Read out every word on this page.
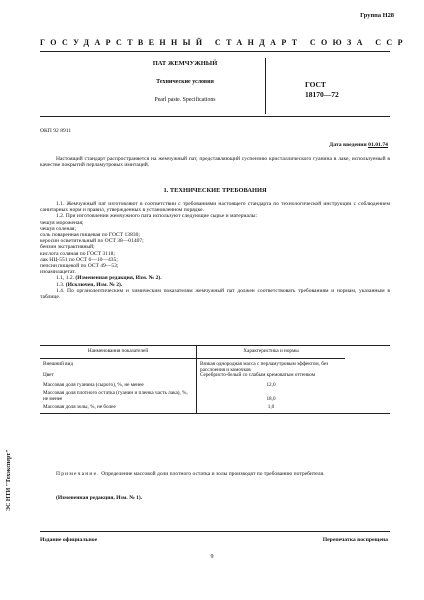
Группа Н28
ГОСУДАРСТВЕННЫЙ СТАНДАРТ СОЮЗА ССР
ПАТ ЖЕМЧУЖНЫЙ
Технические условия
Pearl paste. Specifications
ГОСТ
18170—72
ОКП 92 8911
Дата введения 01.01.74
Настоящий стандарт распространяется на жемчужный пат, представляющий суспензию кристаллического гуанина в лаке, используемый в качестве покрытий перламутровых имитаций.
1. ТЕХНИЧЕСКИЕ ТРЕБОВАНИЯ
1.1. Жемчужный пат изготовляют в соответствии с требованиями настоящего стандарта по технологической инструкции с соблюдением санитарных норм и правил, утвержденных в установленном порядке.
1.2. При изготовлении жемчужного пата используют следующие сырье и материалы:
чешуя мороженая;
чешуя соленая;
соль поваренная пищевая по ГОСТ 13830;
керосин осветительный по ОСТ 38—01407;
бензин экстрактивный;
кислота соляная по ГОСТ 3118;
лак НЦ-551 по ОСТ 6—10—435;
пепсин пищевой по ОСТ 49—53;
изоамилацетат.
1.1, 1.2. (Измененная редакция, Изм. № 2).
1.3. (Исключен, Изм. № 2).
1.4. По органолептическим и химическим показателям жемчужный пат должен соответствовать требованиям и нормам, указанным в таблице.
Наименования показателей	Характеристика и нормы
Внешний вид	Вязкая однородная масса с перламутровым эффектом, без расслоения и комочков
Цвет	Серебристо-белый со слабым кремоватым оттенком
Массовая доля гуанина (сырого), %, не менее	12,0
Массовая доля плотного остатка (гуанин и пленка часть лака), %, не менее	18,0
Массовая доля золы, %, не более	1,0
Примечание. Определение массовой доли плотного остатка и золы производят по требованию потребителя.
(Измененная редакция, Изм. № 1).
Издание официальное	Перепечатка воспрещена
9
ЭС НТИ "Техэксперт"
